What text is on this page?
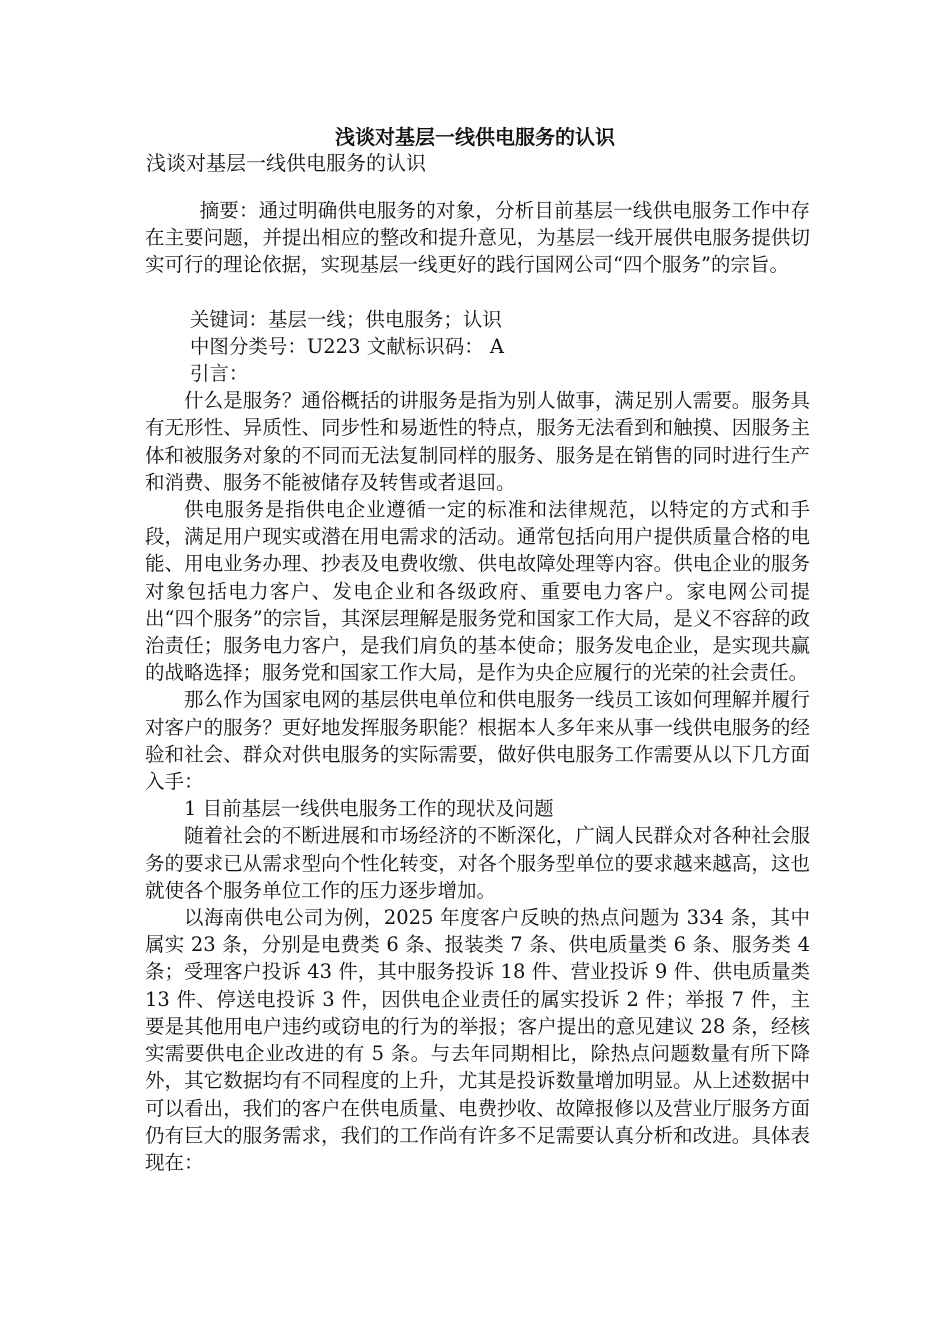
浅谈对基层一线供电服务的认识
浅谈对基层一线供电服务的认识

摘要：通过明确供电服务的对象，分析目前基层一线供电服务工作中存在主要问题，并提出相应的整改和提升意见，为基层一线开展供电服务提供切实可行的理论依据，实现基层一线更好的践行国网公司“四个服务”的宗旨。

关键词：基层一线；供电服务；认识

中图分类号：U223 文献标识码： A

引言：

什么是服务？通俗概括的讲服务是指为别人做事，满足别人需要。服务具有无形性、异质性、同步性和易逝性的特点，服务无法看到和触摸、因服务主体和被服务对象的不同而无法复制同样的服务、服务是在销售的同时进行生产和消费、服务不能被储存及转售或者退回。

供电服务是指供电企业遵循一定的标准和法律规范，以特定的方式和手段，满足用户现实或潜在用电需求的活动。通常包括向用户提供质量合格的电能、用电业务办理、抄表及电费收缴、供电故障处理等内容。供电企业的服务对象包括电力客户、发电企业和各级政府、重要电力客户。家电网公司提出“四个服务”的宗旨，其深层理解是服务党和国家工作大局，是义不容辞的政治责任；服务电力客户，是我们肩负的基本使命；服务发电企业，是实现共赢的战略选择；服务党和国家工作大局，是作为央企应履行的光荣的社会责任。

那么作为国家电网的基层供电单位和供电服务一线员工该如何理解并履行对客户的服务？更好地发挥服务职能？根据本人多年来从事一线供电服务的经验和社会、群众对供电服务的实际需要，做好供电服务工作需要从以下几方面入手：

1 目前基层一线供电服务工作的现状及问题

随着社会的不断进展和市场经济的不断深化，广阔人民群众对各种社会服务的要求已从需求型向个性化转变，对各个服务型单位的要求越来越高，这也就使各个服务单位工作的压力逐步增加。

以海南供电公司为例，2025 年度客户反映的热点问题为 334 条，其中属实 23 条，分别是电费类 6 条、报装类 7 条、供电质量类 6 条、服务类 4 条；受理客户投诉 43 件，其中服务投诉 18 件、营业投诉 9 件、供电质量类 13 件、停送电投诉 3 件，因供电企业责任的属实投诉 2 件；举报 7 件，主要是其他用电户违约或窃电的行为的举报；客户提出的意见建议 28 条，经核实需要供电企业改进的有 5 条。与去年同期相比，除热点问题数量有所下降外，其它数据均有不同程度的上升，尤其是投诉数量增加明显。从上述数据中可以看出，我们的客户在供电质量、电费抄收、故障报修以及营业厅服务方面仍有巨大的服务需求，我们的工作尚有许多不足需要认真分析和改进。具体表现在：
